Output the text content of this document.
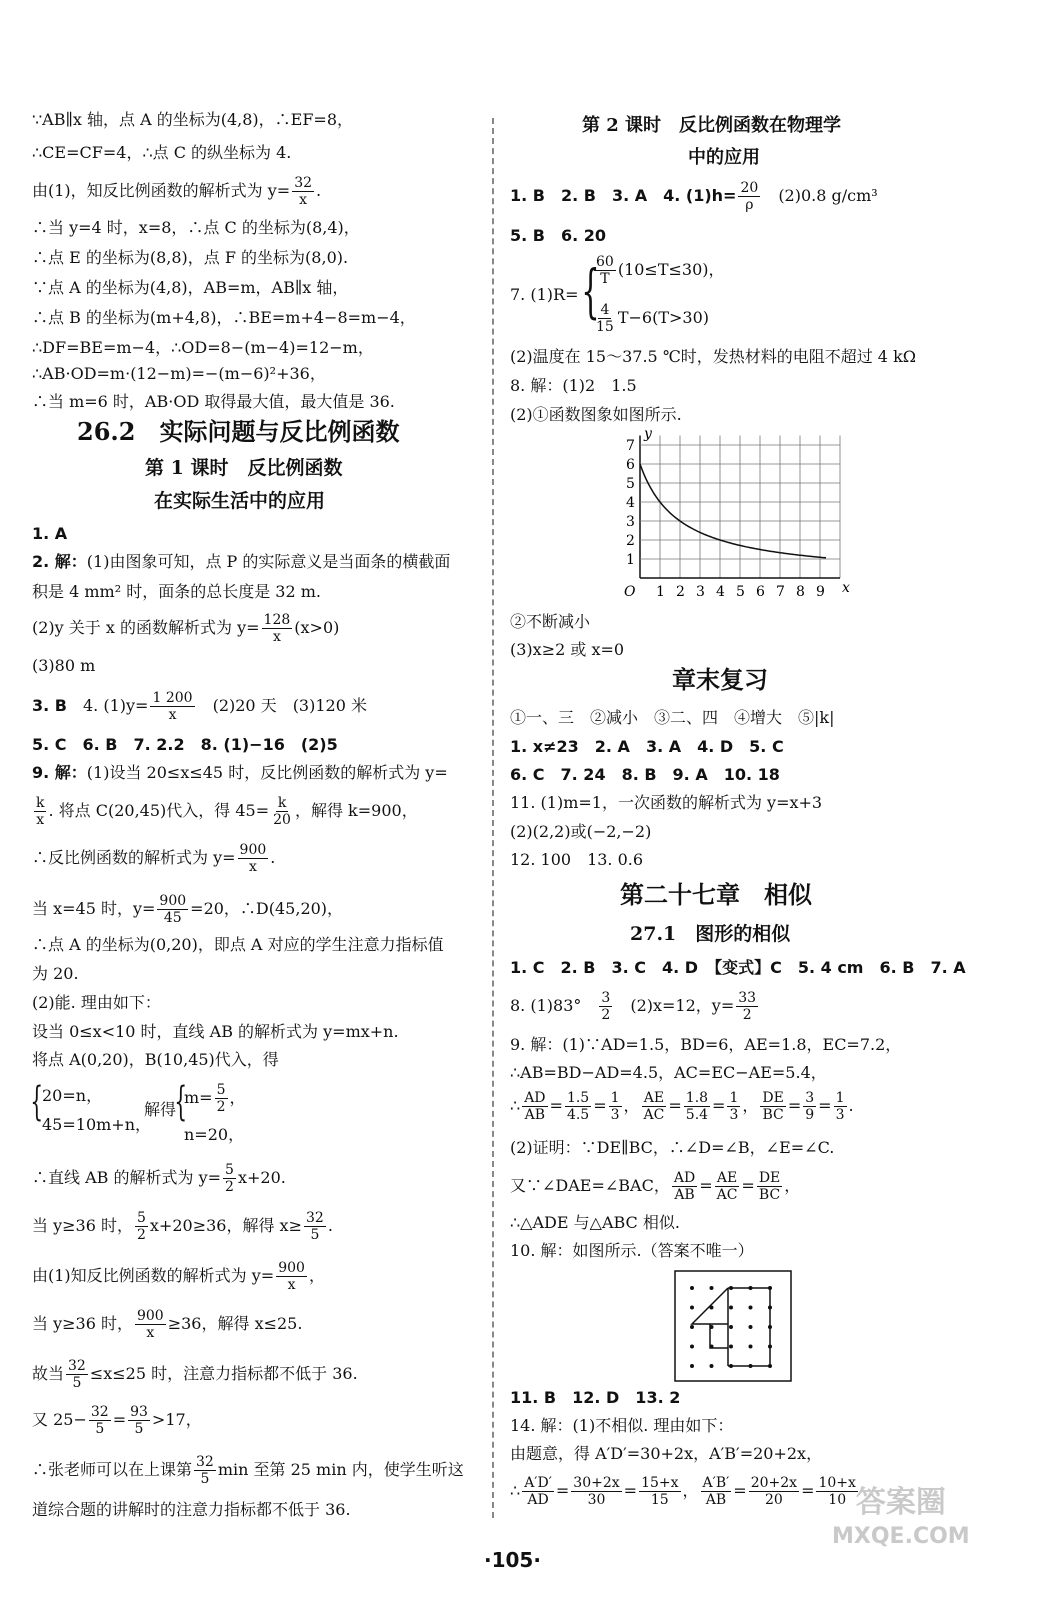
∵AB∥x 轴，点 A 的坐标为(4,8)，∴EF=8，
∴CE=CF=4，∴点 C 的纵坐标为 4.
由(1)，知反比例函数的解析式为 $y= \frac{32}{x}$ .
∴当 y=4 时，x=8，∴点 C 的坐标为(8,4)，
∴点 E 的坐标为(8,8)，点 F 的坐标为(8,0).
∵点 A 的坐标为(4,8)，AB=m，AB∥x 轴，
∴点 B 的坐标为(m+4,8)，∴BE=m+4−8=m−4，
∴DF=BE=m−4，∴OD=8−(m−4)=12−m，
∴AB·OD=m·(12−m)=−(m−6)²+36，
∴当 m=6 时，AB·OD 取得最大值，最大值是 36.
26.2　实际问题与反比例函数
第 1 课时　反比例函数
在实际生活中的应用
1. A
2. 解：(1)由图象可知，点 P 的实际意义是当面条的横截面
积是 4 mm² 时，面条的总长度是 32 m.
(2)y 关于 x 的函数解析式为 $y= \frac{128}{x} (x>0)$
(3)80 m
3. B　 4. $(1)y= \frac{1 200}{x}$
　 (2)20 天　(3)120 米
5. C　6. B　7. 2.2　8. (1)−16　(2)5
9. 解：(1)设当 20≤x≤45 时，反比例函数的解析式为 y=
$\frac{k}{x}$ . 将点 C(20,45)代入，得 $45= \frac{k}{20}$ ，解得 k=900，
∴反比例函数的解析式为 $y= \frac{900}{x}$ .
当 x=45 时，$y= \frac{900}{45} =20$，∴D(45,20)，
∴点 A 的坐标为(0,20)，即点 A 对应的学生注意力指标值
为 20.
(2)能. 理由如下：
设当 0≤x<10 时，直线 AB 的解析式为 y=mx+n.
将点 A(0,20)，B(10,45)代入，得
{
20=n，
45=10m+n，
解得
{
$m= \frac{5}{2}$ ，
n=20，
∴直线 AB 的解析式为 $y= \frac{5}{2} x+20$.
当 y≥36 时， $\frac{5}{2} x+20\ge 36$，解得 $x\ge \frac{32}{5}$ .
由(1)知反比例函数的解析式为 $y= \frac{900}{x}$ ，
当 y≥36 时， $\frac{900}{x} \ge 36$，解得 x≤25.
故当 $\frac{32}{5} \le x\le 25$ 时，注意力指标都不低于 36.
又 $25- \frac{32}{5} = \frac{93}{5} >17$，
∴张老师可以在上课第 $\frac{32}{5}$ min 至第 25 min 内，使学生听这
道综合题的讲解时的注意力指标都不低于 36.
第 2 课时　反比例函数在物理学
中的应用
1. B　2. B　3. A　4. $(1)h= \frac{20}{\rho}$
　 (2)0.8 g/cm³
5. B　6. 20
7. (1)R= {
$\frac{60}{T} (10\le T\le 30)$，
$\frac{4}{15} T-6(T>30)$
(2)温度在 15～37.5 ℃时，发热材料的电阻不超过 4 kΩ
8. 解：(1)2　1.5
(2)①函数图象如图所示.
1
2
3
4
5
6
7
1 2 3 4 5 6 7 8 9
O	x
y
②不断减小
(3)x≥2 或 x=0
章末复习
①一、三　②减小　③二、四　④增大　⑤|k|
1. x≠23　2. A　3. A　4. D　5. C
6. C　7. 24　8. B　9. A　10. 18
11. (1)m=1，一次函数的解析式为 y=x+3
(2)(2,2)或(−2,−2)
12. 100　13. 0.6
第二十七章　相似
27.1　图形的相似
1. C　2. B　3. C　4. D　【变式】C　5. 4 cm　6. B　7. A
8. (1)83°　 $\frac{3}{2}$
　 (2)x=12，$y= \frac{33}{2}$
9. 解：(1)∵AD=1.5，BD=6，AE=1.8，EC=7.2，
∴AB=BD−AD=4.5，AC=EC−AE=5.4，
∴ $\frac{AD}{AB} = \frac{1.5}{4.5} = \frac{1}{3}$ ， $\frac{AE}{AC} = \frac{1.8}{5.4} = \frac{1}{3}$ ， $\frac{DE}{BC} = \frac{3}{9} = \frac{1}{3}$ .
(2)证明：∵DE∥BC，∴∠D=∠B，∠E=∠C.
又∵∠DAE=∠BAC， $\frac{AD}{AB} = \frac{AE}{AC} = \frac{DE}{BC}$ ，
∴△ADE 与△ABC 相似.
10. 解：如图所示.（答案不唯一）
11. B　12. D　13. 2
14. 解：(1)不相似. 理由如下：
由题意，得 A′D′=30+2x，A′B′=20+2x，
∴ $\frac{A'D'}{AD} = \frac{30+2x}{30} = \frac{15+x}{15}$ ， $\frac{A'B'}{AB} = \frac{20+2x}{20} = \frac{10+x}{10}$
·105·
答案圈
MXQE.COM
